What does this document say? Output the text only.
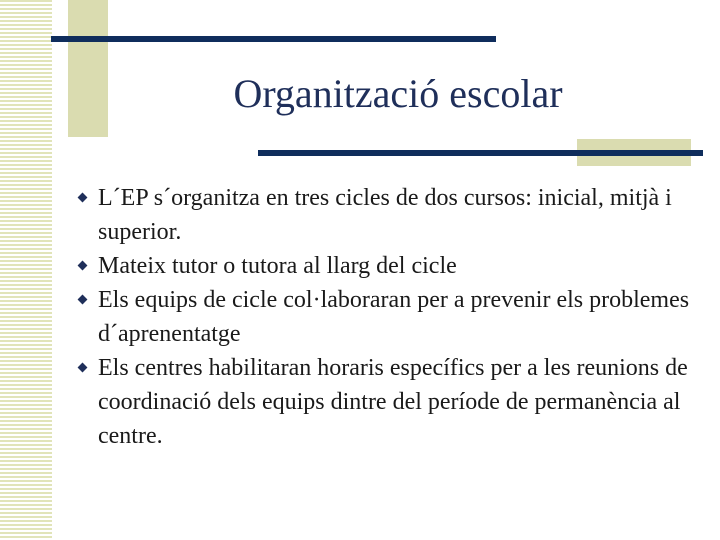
Organització escolar
L´EP s´organitza en tres cicles de dos cursos: inicial, mitjà i superior.
Mateix tutor o tutora al llarg del cicle
Els equips de cicle col·laboraran per a prevenir els problemes d´aprenentatge
Els centres habilitaran horaris específics per a les reunions de coordinació dels equips dintre del període de permanència al centre.
